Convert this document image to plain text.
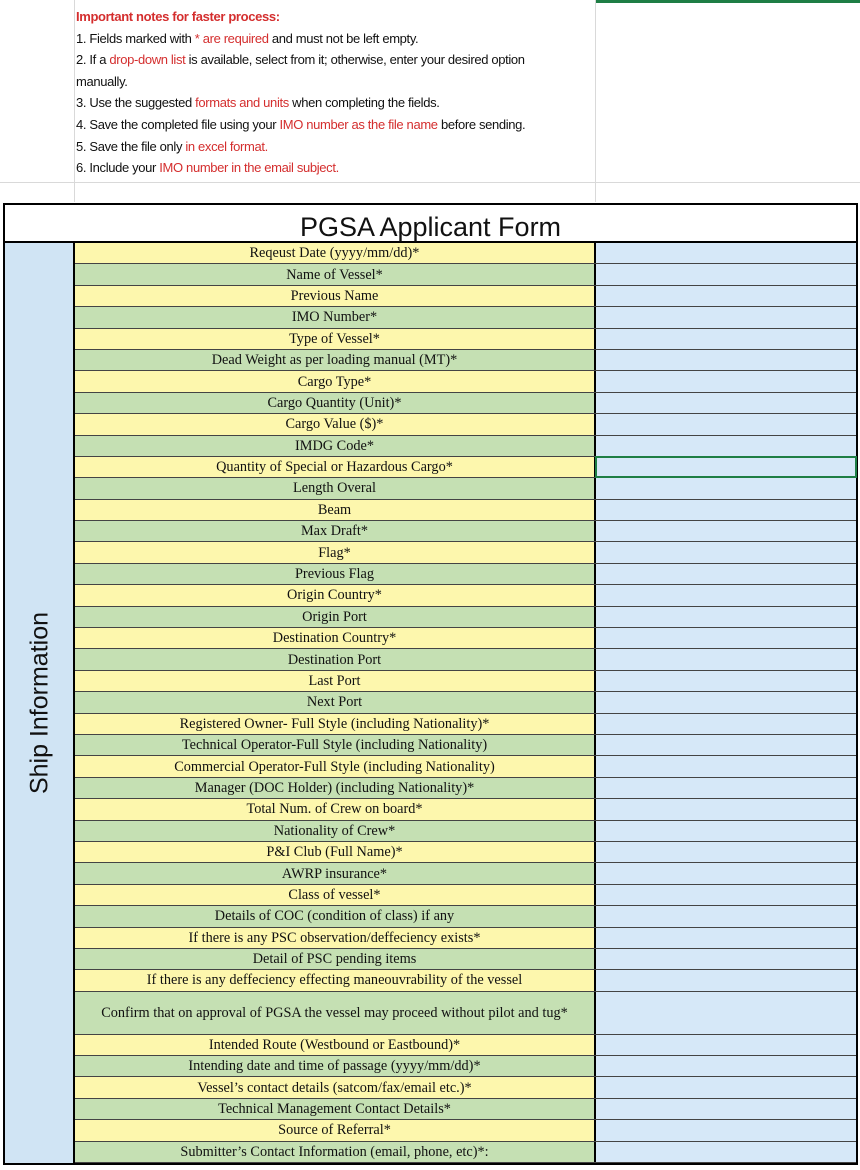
Important notes for faster process:
1. Fields marked with * are required and must not be left empty.
2. If a drop-down list is available, select from it; otherwise, enter your desired option
manually.
3. Use the suggested formats and units when completing the fields.
4. Save the completed file using your IMO number as the file name before sending.
5. Save the file only in excel format.
6. Include your IMO number in the email subject.
PGSA Applicant Form
Ship Information
Reqeust Date (yyyy/mm/dd)*
Name of Vessel*
Previous Name
IMO Number*
Type of Vessel*
Dead Weight as per loading manual (MT)*
Cargo Type*
Cargo Quantity (Unit)*
Cargo Value ($)*
IMDG Code*
Quantity of Special or Hazardous Cargo*
Length Overal
Beam
Max Draft*
Flag*
Previous Flag
Origin Country*
Origin Port
Destination Country*
Destination Port
Last Port
Next Port
Registered Owner- Full Style (including Nationality)*
Technical Operator-Full Style (including Nationality)
Commercial Operator-Full Style (including Nationality)
Manager (DOC Holder) (including Nationality)*
Total Num. of Crew on board*
Nationality of Crew*
P&I Club (Full Name)*
AWRP insurance*
Class of vessel*
Details of COC (condition of class) if any
If there is any PSC observation/deffeciency exists*
Detail of PSC pending items
If there is any deffeciency effecting maneouvrability of the vessel
Confirm that on approval of PGSA the vessel may proceed without pilot and tug*
Intended Route (Westbound or Eastbound)*
Intending date and time of passage (yyyy/mm/dd)*
Vessel’s contact details (satcom/fax/email etc.)*
Technical Management Contact Details*
Source of Referral*
Submitter’s Contact Information (email, phone, etc)*:
